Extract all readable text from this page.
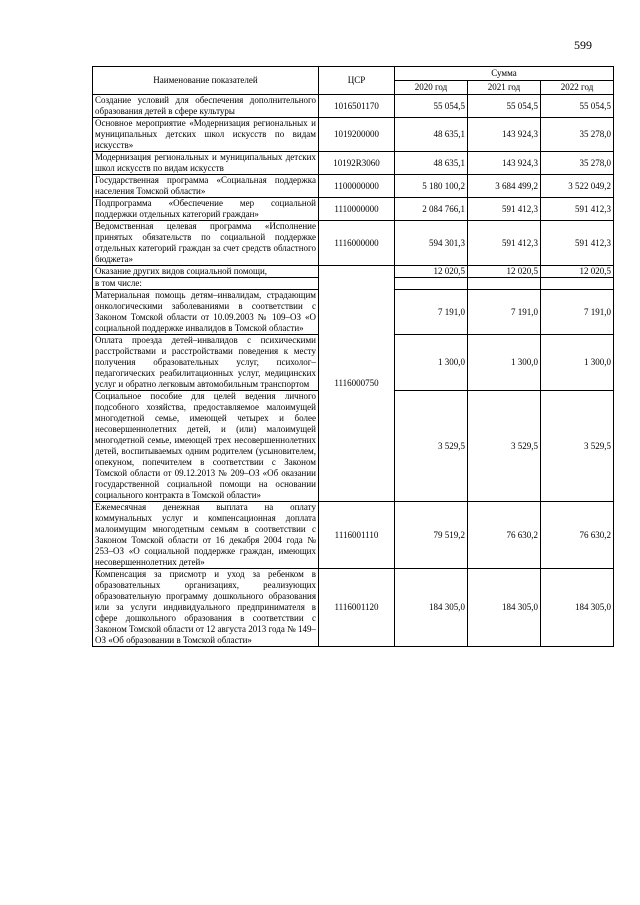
599
Наименование показателей	ЦСР	Сумма		
		2020 год	2021 год	2022 год
Создание условий для обеспечения дополнительного образования детей в сфере культуры	1016501170	55 054,5	55 054,5	55 054,5
Основное мероприятие «Модернизация региональных и муниципальных детских школ искусств по видам искусств»	1019200000	48 635,1	143 924,3	35 278,0
Модернизация региональных и муниципальных детских школ искусств по видам искусств	10192R3060	48 635,1	143 924,3	35 278,0
Государственная программа «Социальная поддержка населения Томской области»	1100000000	5 180 100,2	3 684 499,2	3 522 049,2
Подпрограмма «Обеспечение мер социальной поддержки отдельных категорий граждан»	1110000000	2 084 766,1	591 412,3	591 412,3
Ведомственная целевая программа «Исполнение принятых обязательств по социальной поддержке отдельных категорий граждан за счет средств областного бюджета»	1116000000	594 301,3	591 412,3	591 412,3
Оказание других видов социальной помощи,	1116000750	12 020,5	12 020,5	12 020,5
в том числе:				
Материальная помощь детям–инвалидам, страдающим онкологическими заболеваниями в соответствии с Законом Томской области от 10.09.2003 № 109–ОЗ «О социальной поддержке инвалидов в Томской области»		7 191,0	7 191,0	7 191,0
Оплата проезда детей–инвалидов с психическими расстройствами и расстройствами поведения к месту получения образовательных услуг, психолог–педагогических реабилитационных услуг, медицинских услуг и обратно легковым автомобильным транспортом		1 300,0	1 300,0	1 300,0
Социальное пособие для целей ведения личного подсобного хозяйства, предоставляемое малоимущей многодетной семье, имеющей четырех и более несовершеннолетних детей, и (или) малоимущей многодетной семье, имеющей трех несовершеннолетних детей, воспитываемых одним родителем (усыновителем, опекуном, попечителем в соответствии с Законом Томской области от 09.12.2013 № 209–ОЗ «Об оказании государственной социальной помощи на основании социального контракта в Томской области»		3 529,5	3 529,5	3 529,5
Ежемесячная денежная выплата на оплату коммунальных услуг и компенсационная доплата малоимущим многодетным семьям в соответствии с Законом Томской области от 16 декабря 2004 года № 253–ОЗ «О социальной поддержке граждан, имеющих несовершеннолетних детей»	1116001110	79 519,2	76 630,2	76 630,2
Компенсация за присмотр и уход за ребенком в образовательных организациях, реализующих образовательную программу дошкольного образования или за услуги индивидуального предпринимателя в сфере дошкольного образования в соответствии с Законом Томской области от 12 августа 2013 года № 149–ОЗ «Об образовании в Томской области»	1116001120	184 305,0	184 305,0	184 305,0
